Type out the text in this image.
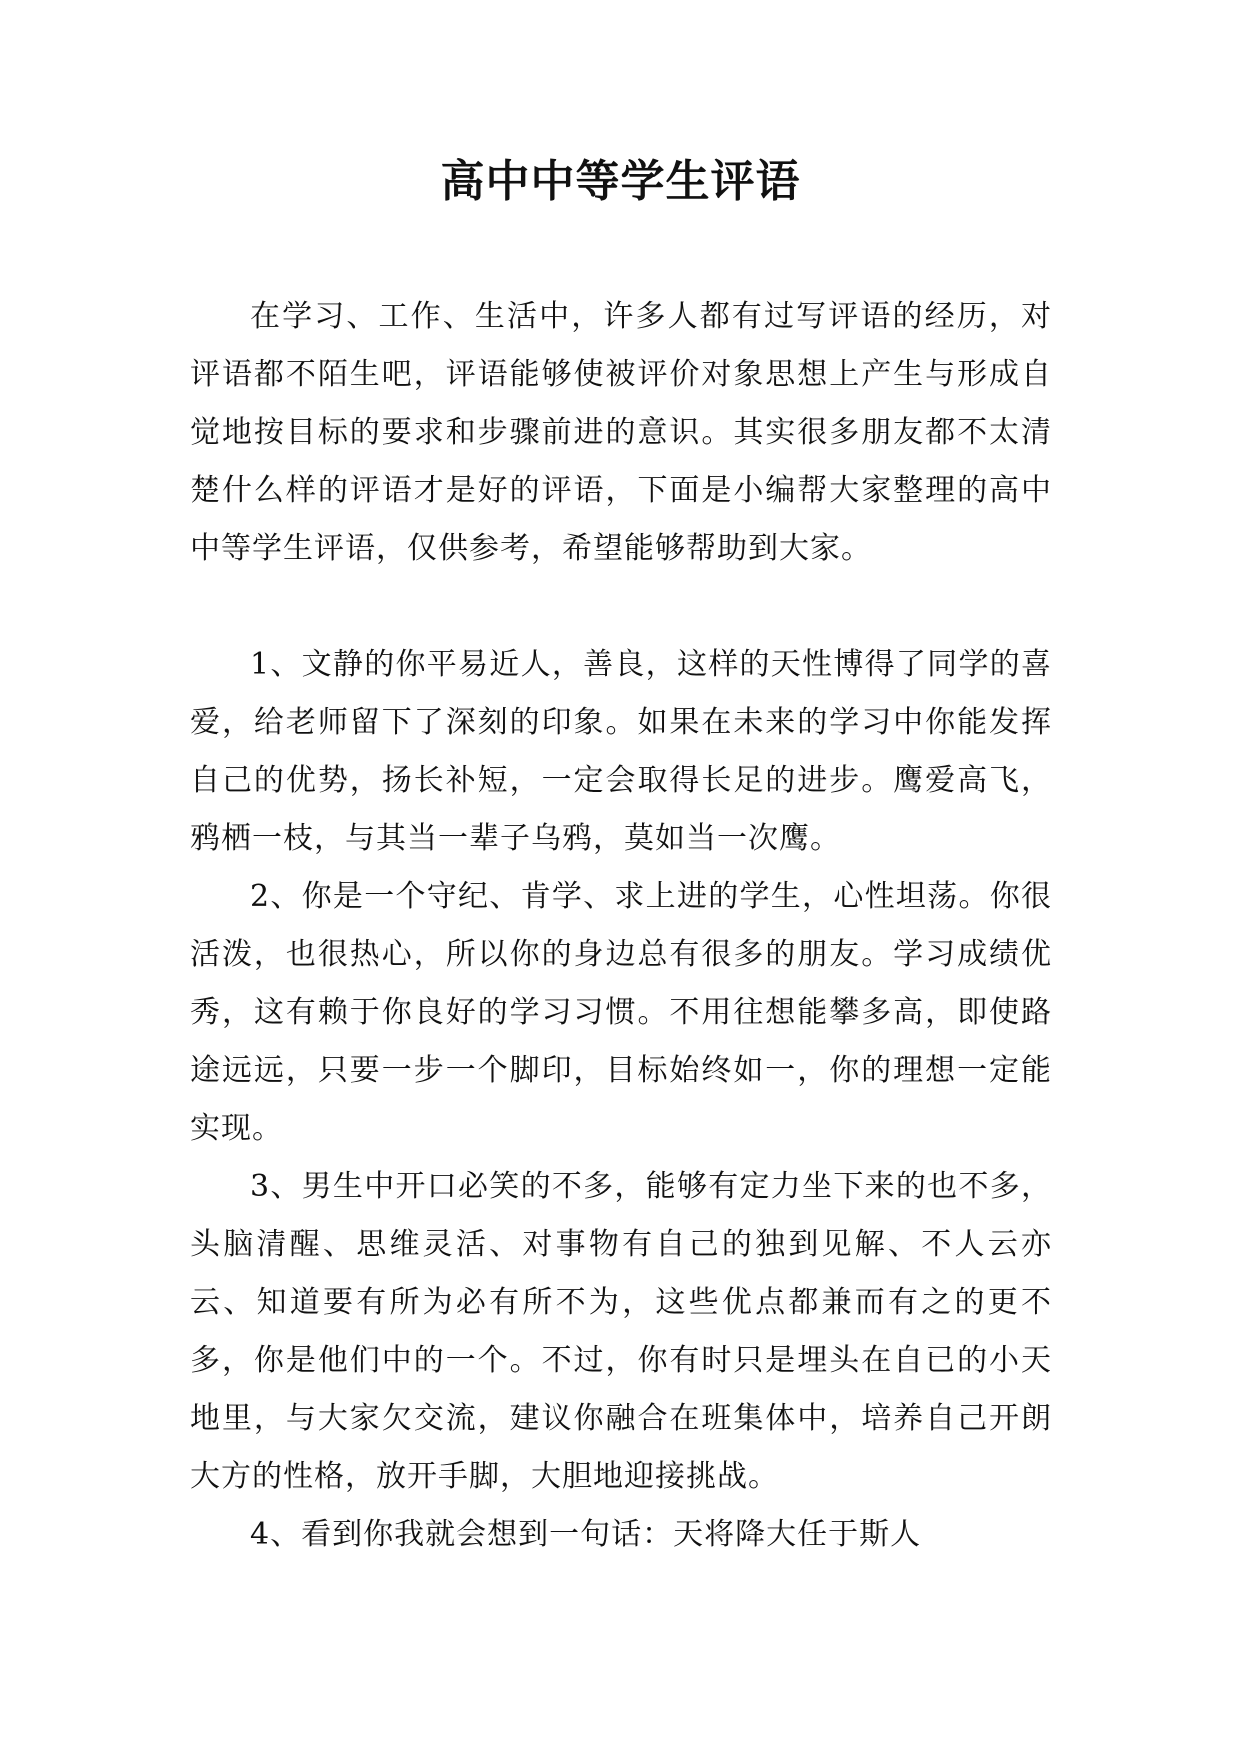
高中中等学生评语

在学习、工作、生活中，许多人都有过写评语的经历，对评语都不陌生吧，评语能够使被评价对象思想上产生与形成自觉地按目标的要求和步骤前进的意识。其实很多朋友都不太清楚什么样的评语才是好的评语，下面是小编帮大家整理的高中中等学生评语，仅供参考，希望能够帮助到大家。

1、文静的你平易近人，善良，这样的天性博得了同学的喜爱，给老师留下了深刻的印象。如果在未来的学习中你能发挥自己的优势，扬长补短，一定会取得长足的进步。鹰爱高飞，鸦栖一枝，与其当一辈子乌鸦，莫如当一次鹰。

2、你是一个守纪、肯学、求上进的学生，心性坦荡。你很活泼，也很热心，所以你的身边总有很多的朋友。学习成绩优秀，这有赖于你良好的学习习惯。不用往想能攀多高，即使路途远远，只要一步一个脚印，目标始终如一，你的理想一定能实现。

3、男生中开口必笑的不多，能够有定力坐下来的也不多，头脑清醒、思维灵活、对事物有自己的独到见解、不人云亦云、知道要有所为必有所不为，这些优点都兼而有之的更不多，你是他们中的一个。不过，你有时只是埋头在自已的小天地里，与大家欠交流，建议你融合在班集体中，培养自己开朗大方的性格，放开手脚，大胆地迎接挑战。

4、看到你我就会想到一句话：天将降大任于斯人
